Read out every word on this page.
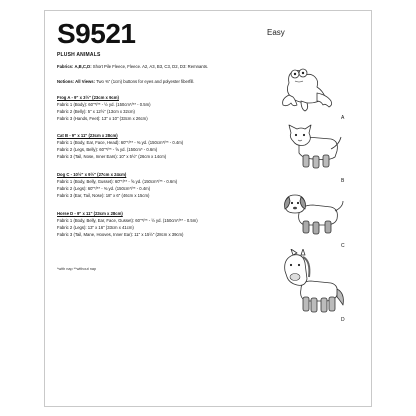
S9521	Easy
PLUSH ANIMALS
Fabrics: A,B,C,D: Short Pile Fleece, Fleece. A2, A3, B3, C3, D2, D3: Remnants.
Notions: All Views: Two ⅜" (1cm) buttons for eyes and polyester fiberfill.
Frog A - 9" x 3½" (23cm x 9cm)
Fabric 1 (Body): 60"*/** - ½ yd. (150cm*/** - 0.5m)
Fabric 2 (Belly): 5" x 12½" (13cm x 32cm)
Fabric 3 (Hands, Feet): 13" x 10" (33cm x 26cm)
Cat B - 9" x 11" (23cm x 28cm)
Fabric 1 (Body, Ear, Face, Head): 60"*/** - ⅜ yd. (150cm*/** - 0.4m)
Fabric 2 (Legs, Belly): 60"*/** - ⅝ yd. (150cm* - 0.6m)
Fabric 3 (Tail, Nose, Inner Ears): 10" x 5½" (26cm x 14cm)
Dog C - 10½" x 9½" (27cm x 24cm)
Fabric 1 (Body, Belly, Gusset): 60"*/** - ⅝ yd. (150cm*/** - 0.6m)
Fabric 2 (Legs): 60"*/** - ⅜ yd. (150cm*/** - 0.4m)
Fabric 3 (Ear, Tail, Nose): 18" x 6" (46cm x 15cm)
Horse D - 9" x 11" (23cm x 28cm)
Fabric 1 (Body, Belly, Ear, Face, Gusset): 60"*/** - ½ yd. (150cm*/** - 0.5m)
Fabric 2 (Legs): 13" x 16" (33cm x 41cm)
Fabric 3 (Tail, Mane, Hooves, Inner Ear): 11" x 15½" (28cm x 39cm)
*with nap **without nap
A
B
C
D
